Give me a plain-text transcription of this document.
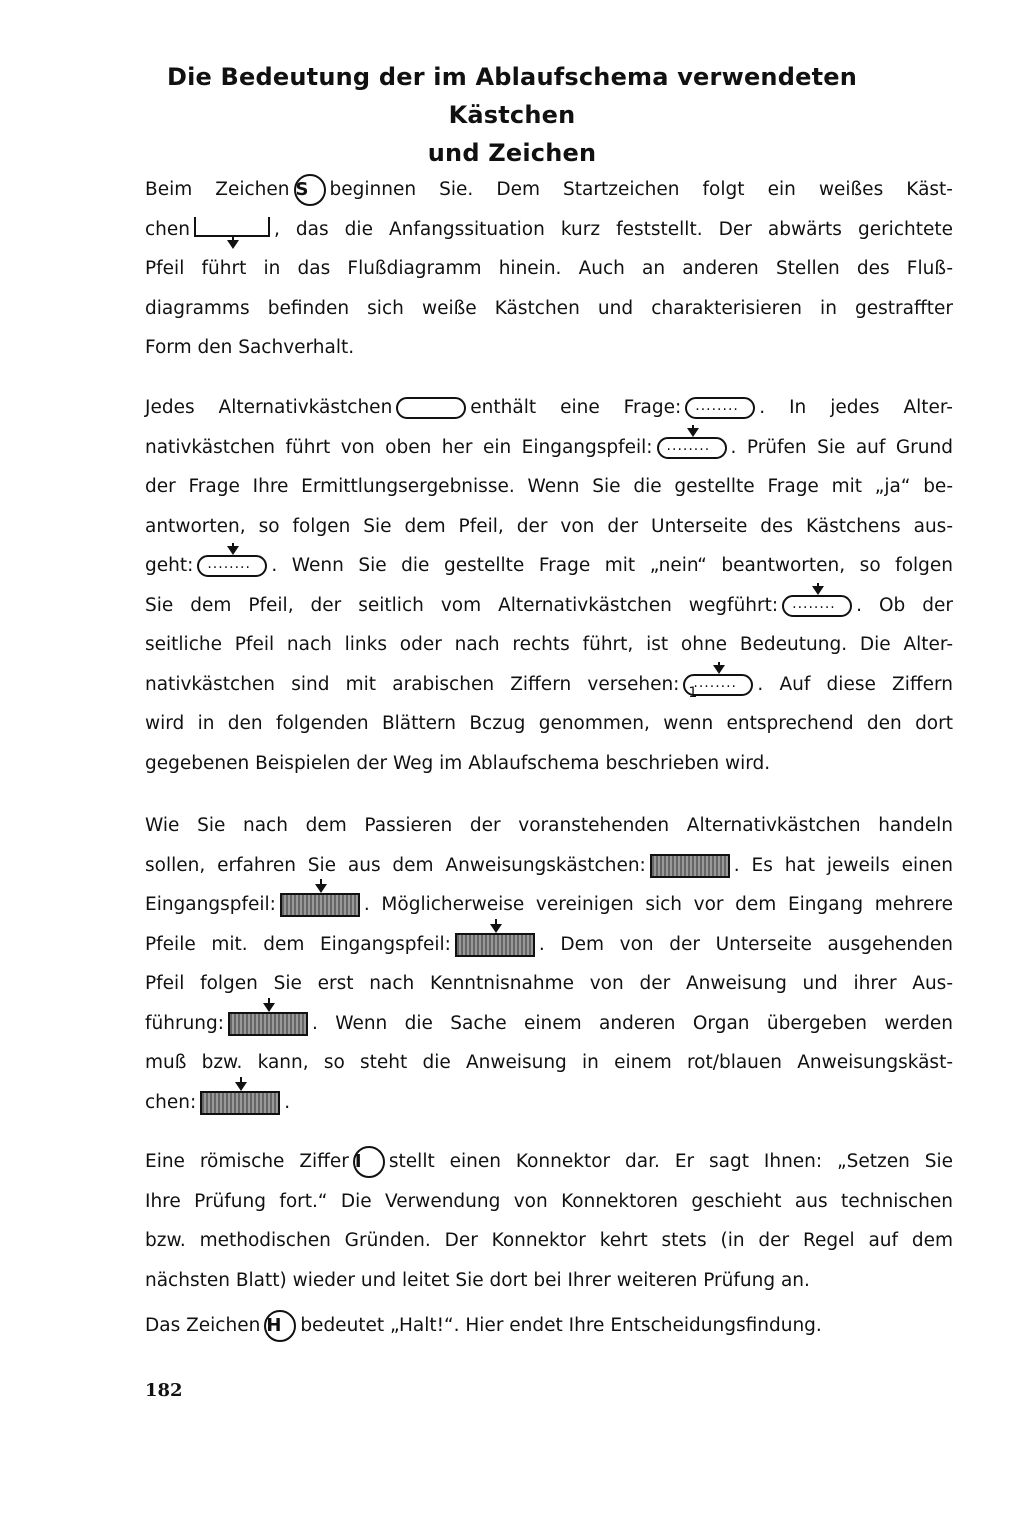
Die Bedeutung der im Ablaufschema verwendeten Kästchen
und Zeichen
Beim Zeichen S beginnen Sie. Dem Startzeichen folgt ein weißes Käst-
chen	, das die Anfangssituation kurz feststellt. Der abwärts gerichtete
Pfeil führt in das Flußdiagramm hinein. Auch an anderen Stellen des Fluß-
diagramms befinden sich weiße Kästchen und charakterisieren in gestraffter
Form den Sachverhalt.
Jedes Alternativkästchen	enthält eine Frage: ........	. In jedes Alter-
nativkästchen führt von oben her ein Eingangspfeil: ........	. Prüfen Sie auf Grund
der Frage Ihre Ermittlungsergebnisse. Wenn Sie die gestellte Frage mit „ja“ be-
antworten, so folgen Sie dem Pfeil, der von der Unterseite des Kästchens aus-
geht: ........	. Wenn Sie die gestellte Frage mit „nein“ beantworten, so folgen
Sie dem Pfeil, der seitlich vom Alternativkästchen wegführt: ........	. Ob der
seitliche Pfeil nach links oder nach rechts führt, ist ohne Bedeutung. Die Alter-
nativkästchen sind mit arabischen Ziffern versehen: 1
........	. Auf diese Ziffern
wird in den folgenden Blättern Bczug genommen, wenn entsprechend den dort
gegebenen Beispielen der Weg im Ablaufschema beschrieben wird.
Wie Sie nach dem Passieren der voranstehenden Alternativkästchen handeln
sollen, erfahren Sie aus dem Anweisungskästchen:	. Es hat jeweils einen
Eingangspfeil:	. Möglicherweise vereinigen sich vor dem Eingang mehrere
Pfeile mit. dem Eingangspfeil:	. Dem von der Unterseite ausgehenden
Pfeil folgen Sie erst nach Kenntnisnahme von der Anweisung und ihrer Aus-
führung:	. Wenn die Sache einem anderen Organ übergeben werden
muß bzw. kann, so steht die Anweisung in einem rot/blauen Anweisungskäst-
chen:	.
Eine römische Ziffer I stellt einen Konnektor dar. Er sagt Ihnen: „Setzen Sie
Ihre Prüfung fort.“ Die Verwendung von Konnektoren geschieht aus technischen
bzw. methodischen Gründen. Der Konnektor kehrt stets (in der Regel auf dem
nächsten Blatt) wieder und leitet Sie dort bei Ihrer weiteren Prüfung an.
Das Zeichen H bedeutet „Halt!“. Hier endet Ihre Entscheidungsfindung.
182
